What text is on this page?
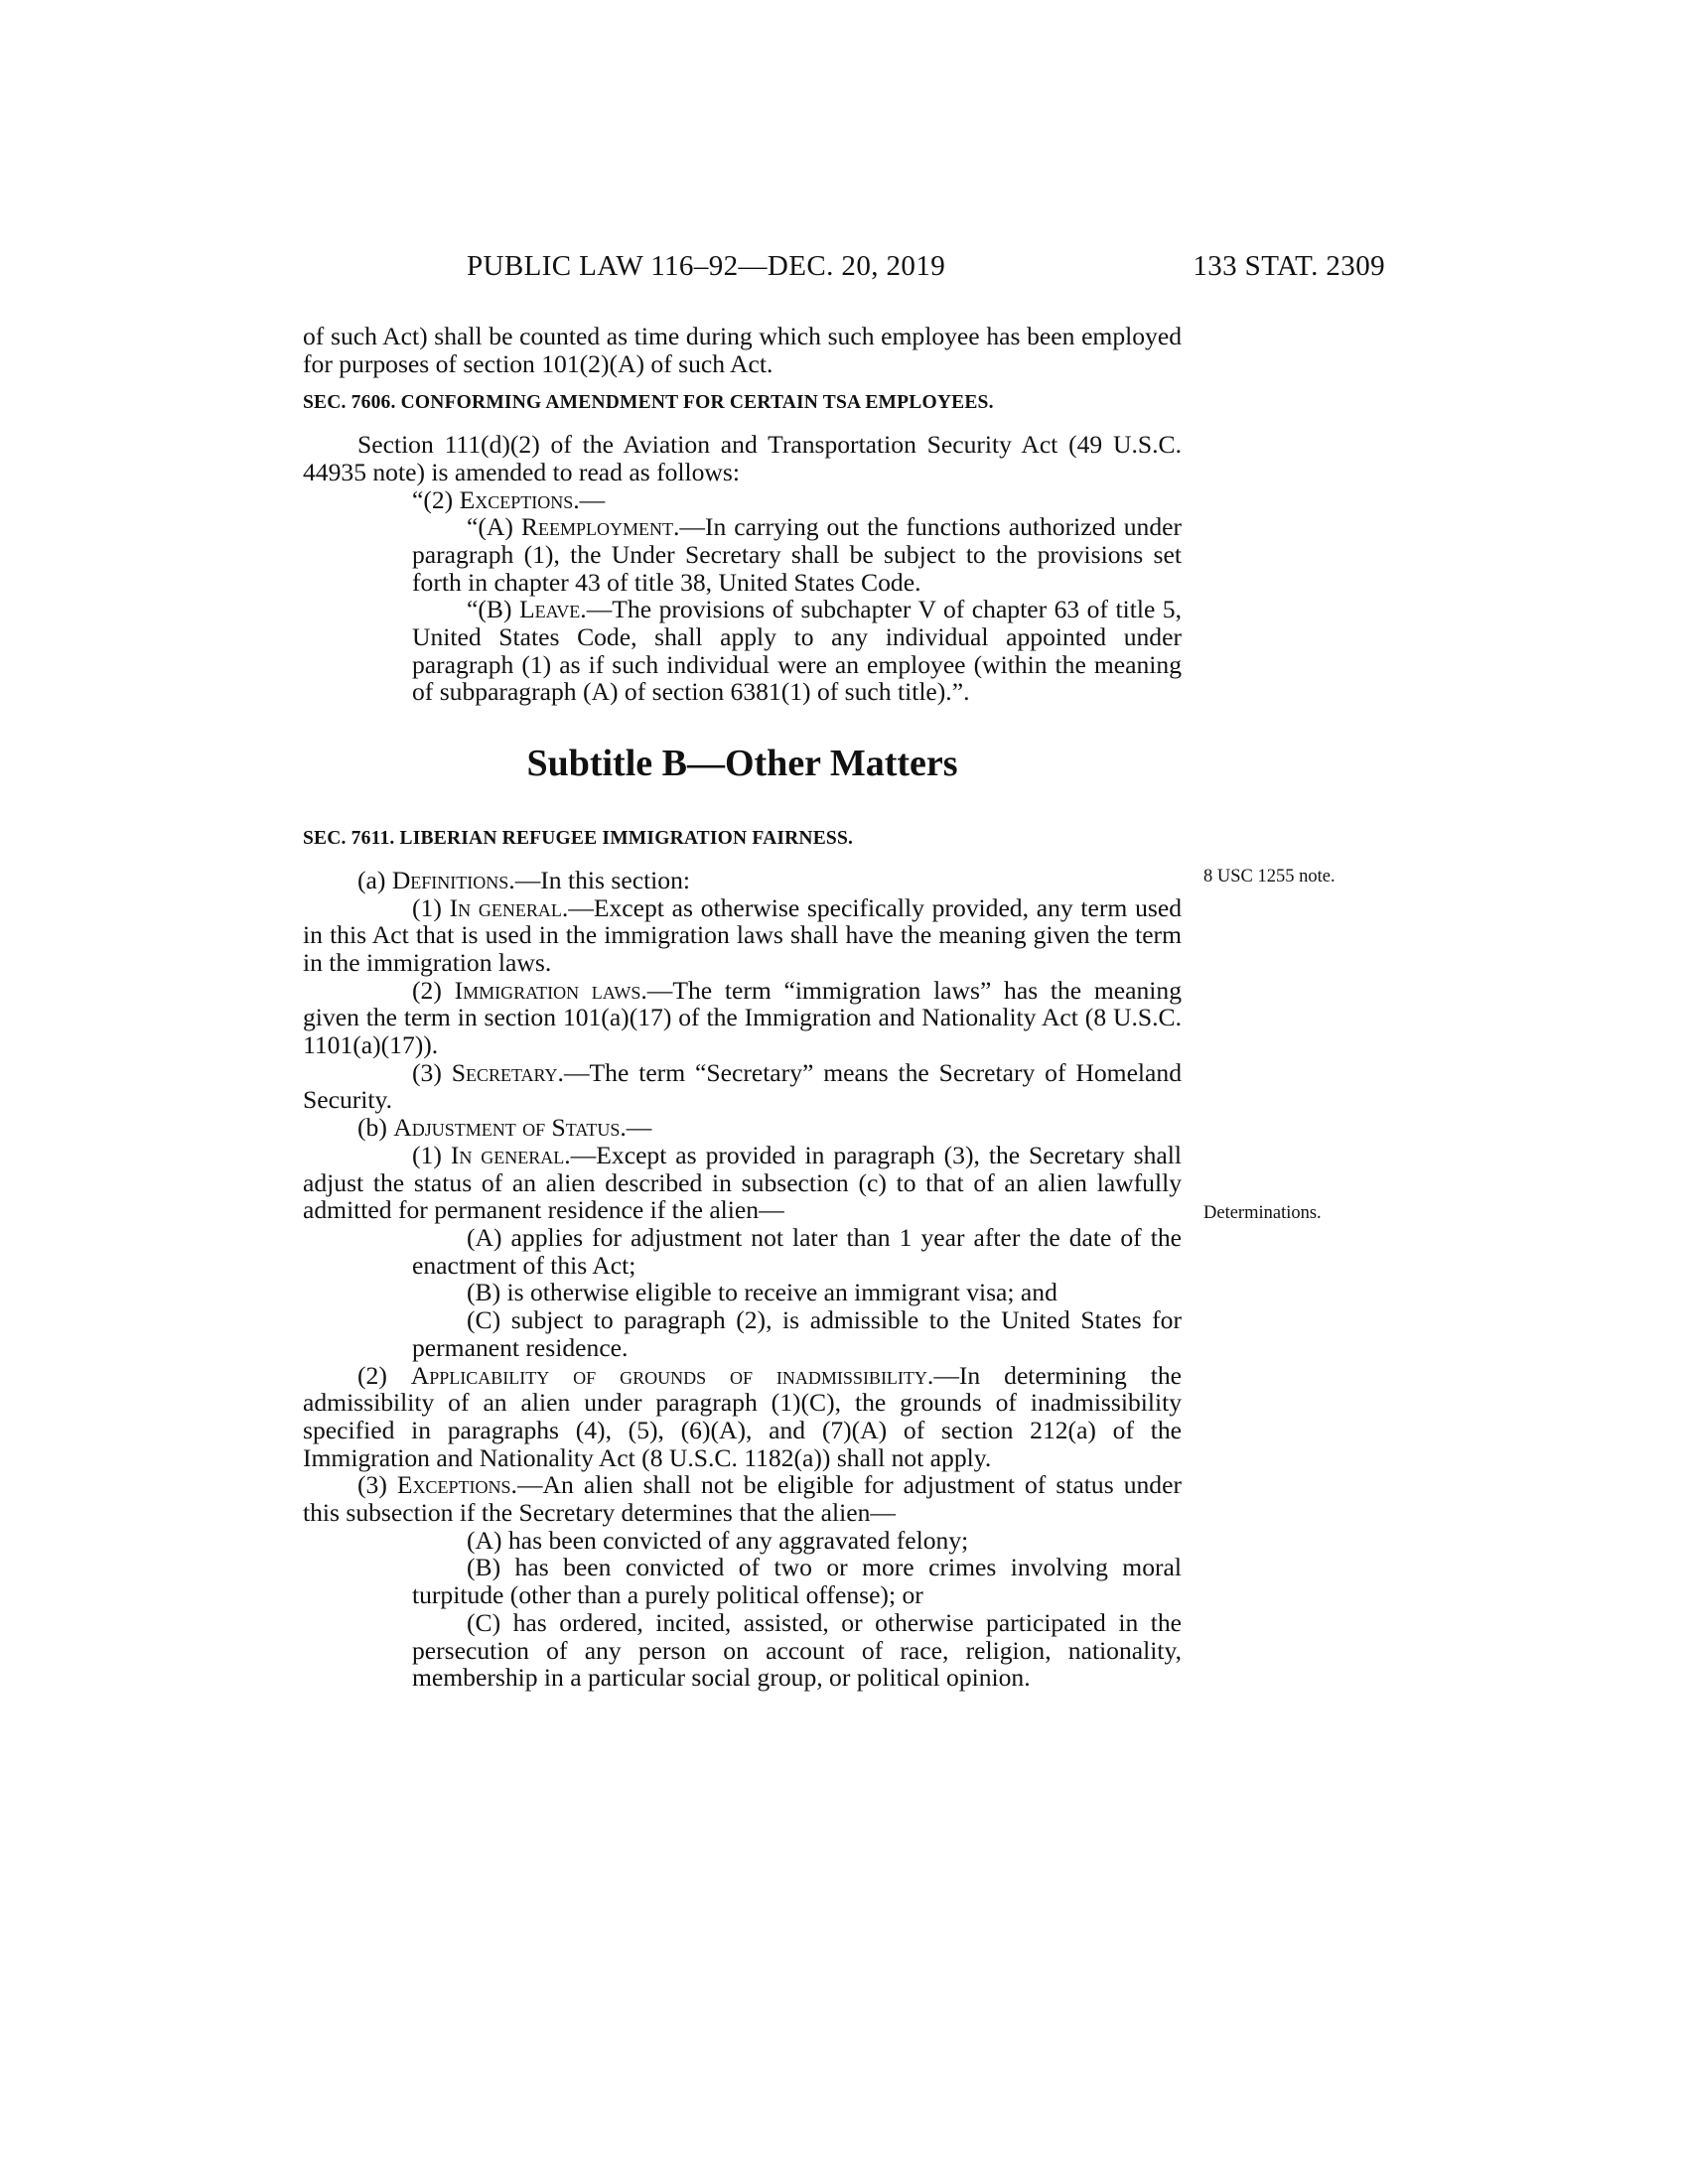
PUBLIC LAW 116–92—DEC. 20, 2019	133 STAT. 2309
8 USC 1255 note.
Determinations.

of such Act) shall be counted as time during which such employee has been employed for purposes of section 101(2)(A) of such Act.

SEC. 7606. CONFORMING AMENDMENT FOR CERTAIN TSA EMPLOYEES.

Section 111(d)(2) of the Aviation and Transportation Security Act (49 U.S.C. 44935 note) is amended to read as follows:

“(2) Exceptions.—

“(A) Reemployment.—In carrying out the functions authorized under paragraph (1), the Under Secretary shall be subject to the provisions set forth in chapter 43 of title 38, United States Code.

“(B) Leave.—The provisions of subchapter V of chapter 63 of title 5, United States Code, shall apply to any individual appointed under paragraph (1) as if such individual were an employee (within the meaning of subparagraph (A) of section 6381(1) of such title).”.

Subtitle B—Other Matters

SEC. 7611. LIBERIAN REFUGEE IMMIGRATION FAIRNESS.

(a) Definitions.—In this section:

(1) In general.—Except as otherwise specifically provided, any term used in this Act that is used in the immigration laws shall have the meaning given the term in the immigration laws.

(2) Immigration laws.—The term “immigration laws” has the meaning given the term in section 101(a)(17) of the Immigration and Nationality Act (8 U.S.C. 1101(a)(17)).

(3) Secretary.—The term “Secretary” means the Secretary of Homeland Security.

(b) Adjustment of Status.—

(1) In general.—Except as provided in paragraph (3), the Secretary shall adjust the status of an alien described in subsection (c) to that of an alien lawfully admitted for permanent residence if the alien—

(A) applies for adjustment not later than 1 year after the date of the enactment of this Act;

(B) is otherwise eligible to receive an immigrant visa; and

(C) subject to paragraph (2), is admissible to the United States for permanent residence.

(2) Applicability of grounds of inadmissibility.—In determining the admissibility of an alien under paragraph (1)(C), the grounds of inadmissibility specified in paragraphs (4), (5), (6)(A), and (7)(A) of section 212(a) of the Immigration and Nationality Act (8 U.S.C. 1182(a)) shall not apply.

(3) Exceptions.—An alien shall not be eligible for adjustment of status under this subsection if the Secretary determines that the alien—

(A) has been convicted of any aggravated felony;

(B) has been convicted of two or more crimes involving moral turpitude (other than a purely political offense); or

(C) has ordered, incited, assisted, or otherwise participated in the persecution of any person on account of race, religion, nationality, membership in a particular social group, or political opinion.
